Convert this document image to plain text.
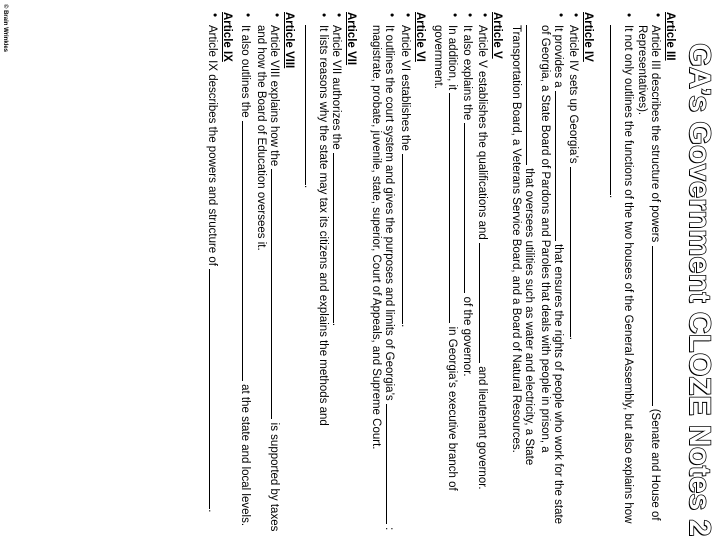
GA’s Government CLOZE Notes 2
Article III
• Article III describes the structure of powers  (Senate and House of Representatives).
• It not only outlines the functions of the two houses of the General Assembly, but also explains how .
Article IV
• Article IV sets up Georgia’s .
• It provides a  that ensures the rights of people who work for the state of Georgia, a State Board of Pardons and Paroles that deals with people in prison, a  that oversees utilities such as water and electricity, a State Transportation Board, a Veterans Service Board, and a Board of Natural Resources.
Article V
• Article V establishes the qualifications and  and lieutenant governor.
• It also explains the  of the governor.
• In addition, it  in Georgia’s executive branch of government.
Article VI
• Article VI establishes the .
• It outlines the court system and gives the purposes and limits of Georgia’s  : magistrate, probate, juvenile, state, superior, Court of Appeals, and Supreme Court.
Article VII
• Article VII authorizes the .
• It lists reasons why the state may tax its citizens and explains the methods and .
Article VIII
• Article VIII explains how the  is supported by taxes and how the Board of Education oversees it.
• It also outlines the  at the state and local levels.
Article IX
• Article IX describes the powers and structure of .
© Brain Wrinkles
